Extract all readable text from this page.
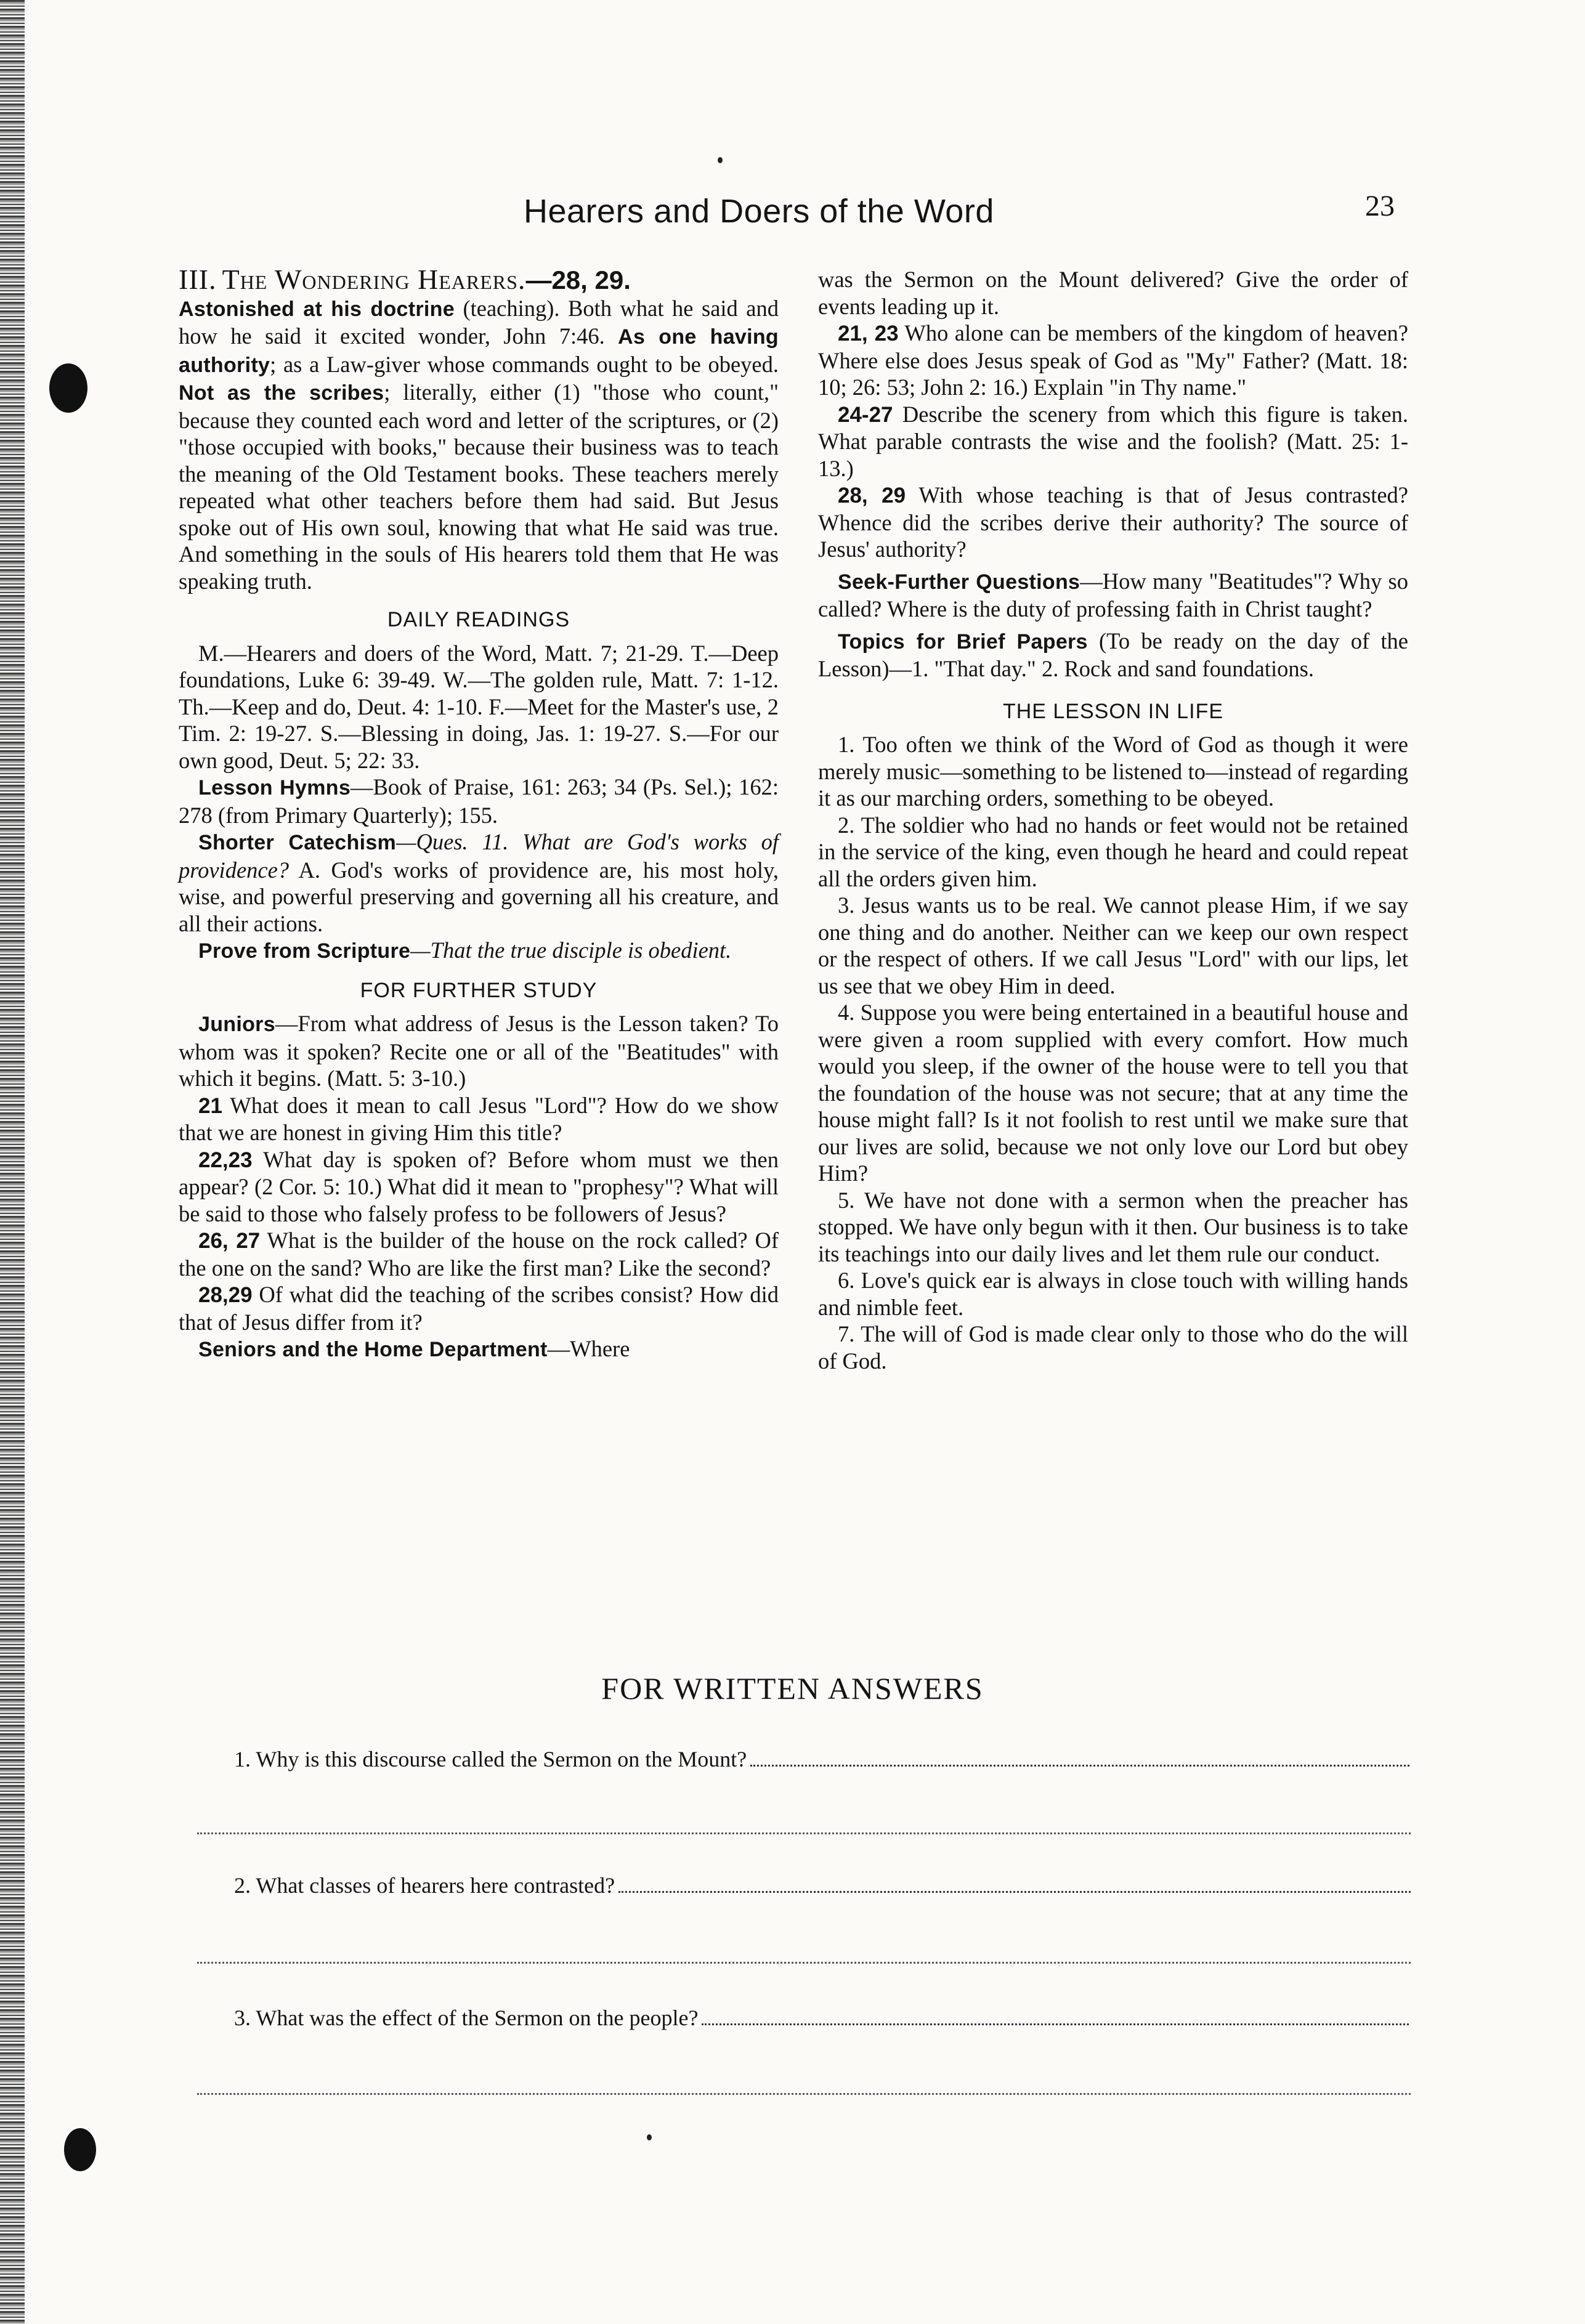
Hearers and Doers of the Word	23

III. The Wondering Hearers.—28, 29.

Astonished at his doctrine (teaching). Both what he said and how he said it excited wonder, John 7:46. As one having authority; as a Law-giver whose commands ought to be obeyed. Not as the scribes; literally, either (1) "those who count," because they counted each word and letter of the scriptures, or (2) "those occupied with books," because their business was to teach the meaning of the Old Testament books. These teachers merely repeated what other teachers before them had said. But Jesus spoke out of His own soul, knowing that what He said was true. And something in the souls of His hearers told them that He was speaking truth.

DAILY READINGS

M.—Hearers and doers of the Word, Matt. 7; 21-29. T.—Deep foundations, Luke 6: 39-49. W.—The golden rule, Matt. 7: 1-12. Th.—Keep and do, Deut. 4: 1-10. F.—Meet for the Master's use, 2 Tim. 2: 19-27. S.—Blessing in doing, Jas. 1: 19-27. S.—For our own good, Deut. 5; 22: 33.

Lesson Hymns—Book of Praise, 161: 263; 34 (Ps. Sel.); 162: 278 (from Primary Quarterly); 155.

Shorter Catechism—Ques. 11. What are God's works of providence? A. God's works of providence are, his most holy, wise, and powerful preserving and governing all his creature, and all their actions.

Prove from Scripture—That the true disciple is obedient.

FOR FURTHER STUDY

Juniors—From what address of Jesus is the Lesson taken? To whom was it spoken? Recite one or all of the "Beatitudes" with which it begins. (Matt. 5: 3-10.)

21 What does it mean to call Jesus "Lord"? How do we show that we are honest in giving Him this title?

22,23 What day is spoken of? Before whom must we then appear? (2 Cor. 5: 10.) What did it mean to "prophesy"? What will be said to those who falsely profess to be followers of Jesus?

26, 27 What is the builder of the house on the rock called? Of the one on the sand? Who are like the first man? Like the second?

28,29 Of what did the teaching of the scribes consist? How did that of Jesus differ from it?

Seniors and the Home Department—Where

was the Sermon on the Mount delivered? Give the order of events leading up it.

21, 23 Who alone can be members of the kingdom of heaven? Where else does Jesus speak of God as "My" Father? (Matt. 18: 10; 26: 53; John 2: 16.) Explain "in Thy name."

24-27 Describe the scenery from which this figure is taken. What parable contrasts the wise and the foolish? (Matt. 25: 1-13.)

28, 29 With whose teaching is that of Jesus contrasted? Whence did the scribes derive their authority? The source of Jesus' authority?

Seek-Further Questions—How many "Beatitudes"? Why so called? Where is the duty of professing faith in Christ taught?

Topics for Brief Papers (To be ready on the day of the Lesson)—1. "That day." 2. Rock and sand foundations.

THE LESSON IN LIFE

1. Too often we think of the Word of God as though it were merely music—something to be listened to—instead of regarding it as our marching orders, something to be obeyed.

2. The soldier who had no hands or feet would not be retained in the service of the king, even though he heard and could repeat all the orders given him.

3. Jesus wants us to be real. We cannot please Him, if we say one thing and do another. Neither can we keep our own respect or the respect of others. If we call Jesus "Lord" with our lips, let us see that we obey Him in deed.

4. Suppose you were being entertained in a beautiful house and were given a room supplied with every comfort. How much would you sleep, if the owner of the house were to tell you that the foundation of the house was not secure; that at any time the house might fall? Is it not foolish to rest until we make sure that our lives are solid, because we not only love our Lord but obey Him?

5. We have not done with a sermon when the preacher has stopped. We have only begun with it then. Our business is to take its teachings into our daily lives and let them rule our conduct.

6. Love's quick ear is always in close touch with willing hands and nimble feet.

7. The will of God is made clear only to those who do the will of God.

FOR WRITTEN ANSWERS
1. Why is this discourse called the Sermon on the Mount?
2. What classes of hearers here contrasted?
3. What was the effect of the Sermon on the people?
